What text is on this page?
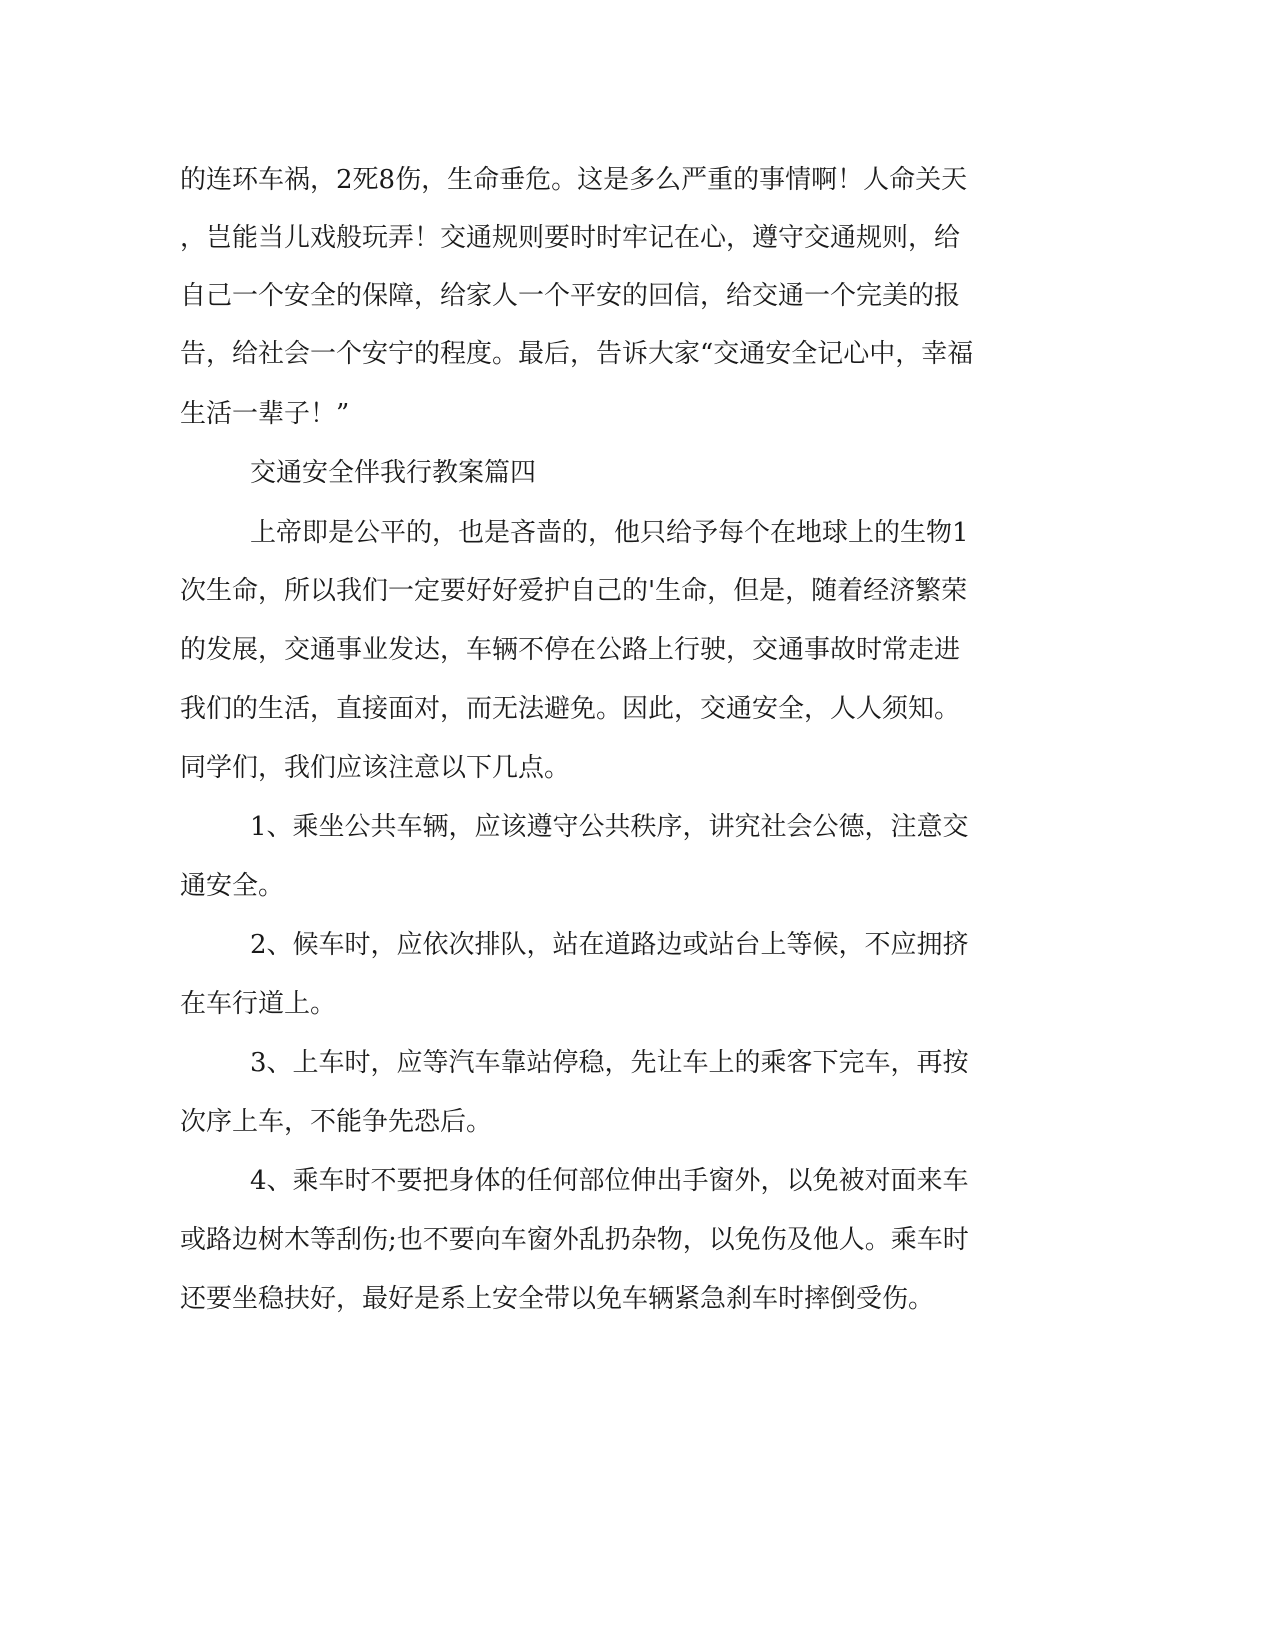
的连环车祸，2死8伤，生命垂危。这是多么严重的事情啊！人命关天
，岂能当儿戏般玩弄！交通规则要时时牢记在心，遵守交通规则，给
自己一个安全的保障，给家人一个平安的回信，给交通一个完美的报
告，给社会一个安宁的程度。最后，告诉大家“交通安全记心中，幸福
生活一辈子！”
交通安全伴我行教案篇四
上帝即是公平的，也是吝啬的，他只给予每个在地球上的生物1
次生命，所以我们一定要好好爱护自己的'生命，但是，随着经济繁荣
的发展，交通事业发达，车辆不停在公路上行驶，交通事故时常走进
我们的生活，直接面对，而无法避免。因此，交通安全，人人须知。
同学们，我们应该注意以下几点。
1、乘坐公共车辆，应该遵守公共秩序，讲究社会公德，注意交
通安全。
2、候车时，应依次排队，站在道路边或站台上等候，不应拥挤
在车行道上。
3、上车时，应等汽车靠站停稳，先让车上的乘客下完车，再按
次序上车，不能争先恐后。
4、乘车时不要把身体的任何部位伸出手窗外，以免被对面来车
或路边树木等刮伤;也不要向车窗外乱扔杂物，以免伤及他人。乘车时
还要坐稳扶好，最好是系上安全带以免车辆紧急刹车时摔倒受伤。
